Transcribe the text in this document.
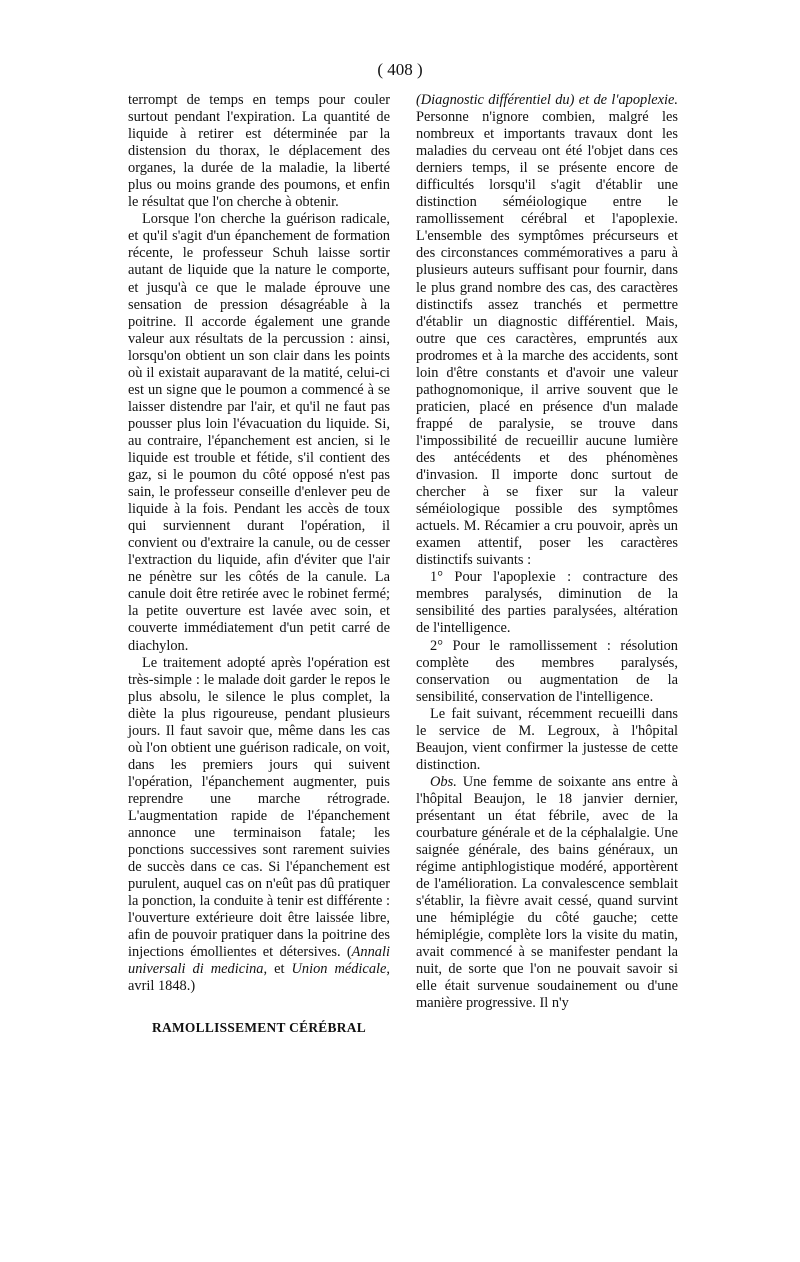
( 408 )

terrompt de temps en temps pour couler surtout pendant l'expiration. La quantité de liquide à retirer est déterminée par la distension du thorax, le déplacement des organes, la durée de la maladie, la liberté plus ou moins grande des poumons, et enfin le résultat que l'on cherche à obtenir.

Lorsque l'on cherche la guérison radicale, et qu'il s'agit d'un épanchement de formation récente, le professeur Schuh laisse sortir autant de liquide que la nature le comporte, et jusqu'à ce que le malade éprouve une sensation de pression désagréable à la poitrine. Il accorde également une grande valeur aux résultats de la percussion : ainsi, lorsqu'on obtient un son clair dans les points où il existait auparavant de la matité, celui-ci est un signe que le poumon a commencé à se laisser distendre par l'air, et qu'il ne faut pas pousser plus loin l'évacuation du liquide. Si, au contraire, l'épanchement est ancien, si le liquide est trouble et fétide, s'il contient des gaz, si le poumon du côté opposé n'est pas sain, le professeur conseille d'enlever peu de liquide à la fois. Pendant les accès de toux qui surviennent durant l'opération, il convient ou d'extraire la canule, ou de cesser l'extraction du liquide, afin d'éviter que l'air ne pénètre sur les côtés de la canule. La canule doit être retirée avec le robinet fermé; la petite ouverture est lavée avec soin, et couverte immédiatement d'un petit carré de diachylon.

Le traitement adopté après l'opération est très-simple : le malade doit garder le repos le plus absolu, le silence le plus complet, la diète la plus rigoureuse, pendant plusieurs jours. Il faut savoir que, même dans les cas où l'on obtient une guérison radicale, on voit, dans les premiers jours qui suivent l'opération, l'épanchement augmenter, puis reprendre une marche rétrograde. L'augmentation rapide de l'épanchement annonce une terminaison fatale; les ponctions successives sont rarement suivies de succès dans ce cas. Si l'épanchement est purulent, auquel cas on n'eût pas dû pratiquer la ponction, la conduite à tenir est différente : l'ouverture extérieure doit être laissée libre, afin de pouvoir pratiquer dans la poitrine des injections émollientes et détersives. (Annali universali di medicina, et Union médicale, avril 1848.)

RAMOLLISSEMENT CÉRÉBRAL

(Diagnostic différentiel du) et de l'apoplexie. Personne n'ignore combien, malgré les nombreux et importants travaux dont les maladies du cerveau ont été l'objet dans ces derniers temps, il se présente encore de difficultés lorsqu'il s'agit d'établir une distinction séméiologique entre le ramollissement cérébral et l'apoplexie. L'ensemble des symptômes précurseurs et des circonstances commémoratives a paru à plusieurs auteurs suffisant pour fournir, dans le plus grand nombre des cas, des caractères distinctifs assez tranchés et permettre d'établir un diagnostic différentiel. Mais, outre que ces caractères, empruntés aux prodromes et à la marche des accidents, sont loin d'être constants et d'avoir une valeur pathognomonique, il arrive souvent que le praticien, placé en présence d'un malade frappé de paralysie, se trouve dans l'impossibilité de recueillir aucune lumière des antécédents et des phénomènes d'invasion. Il importe donc surtout de chercher à se fixer sur la valeur séméiologique possible des symptômes actuels. M. Récamier a cru pouvoir, après un examen attentif, poser les caractères distinctifs suivants :

1° Pour l'apoplexie : contracture des membres paralysés, diminution de la sensibilité des parties paralysées, altération de l'intelligence.

2° Pour le ramollissement : résolution complète des membres paralysés, conservation ou augmentation de la sensibilité, conservation de l'intelligence.

Le fait suivant, récemment recueilli dans le service de M. Legroux, à l'hôpital Beaujon, vient confirmer la justesse de cette distinction.

Obs. Une femme de soixante ans entre à l'hôpital Beaujon, le 18 janvier dernier, présentant un état fébrile, avec de la courbature générale et de la céphalalgie. Une saignée générale, des bains généraux, un régime antiphlogistique modéré, apportèrent de l'amélioration. La convalescence semblait s'établir, la fièvre avait cessé, quand survint une hémiplégie du côté gauche; cette hémiplégie, complète lors la visite du matin, avait commencé à se manifester pendant la nuit, de sorte que l'on ne pouvait savoir si elle était survenue soudainement ou d'une manière progressive. Il n'y
